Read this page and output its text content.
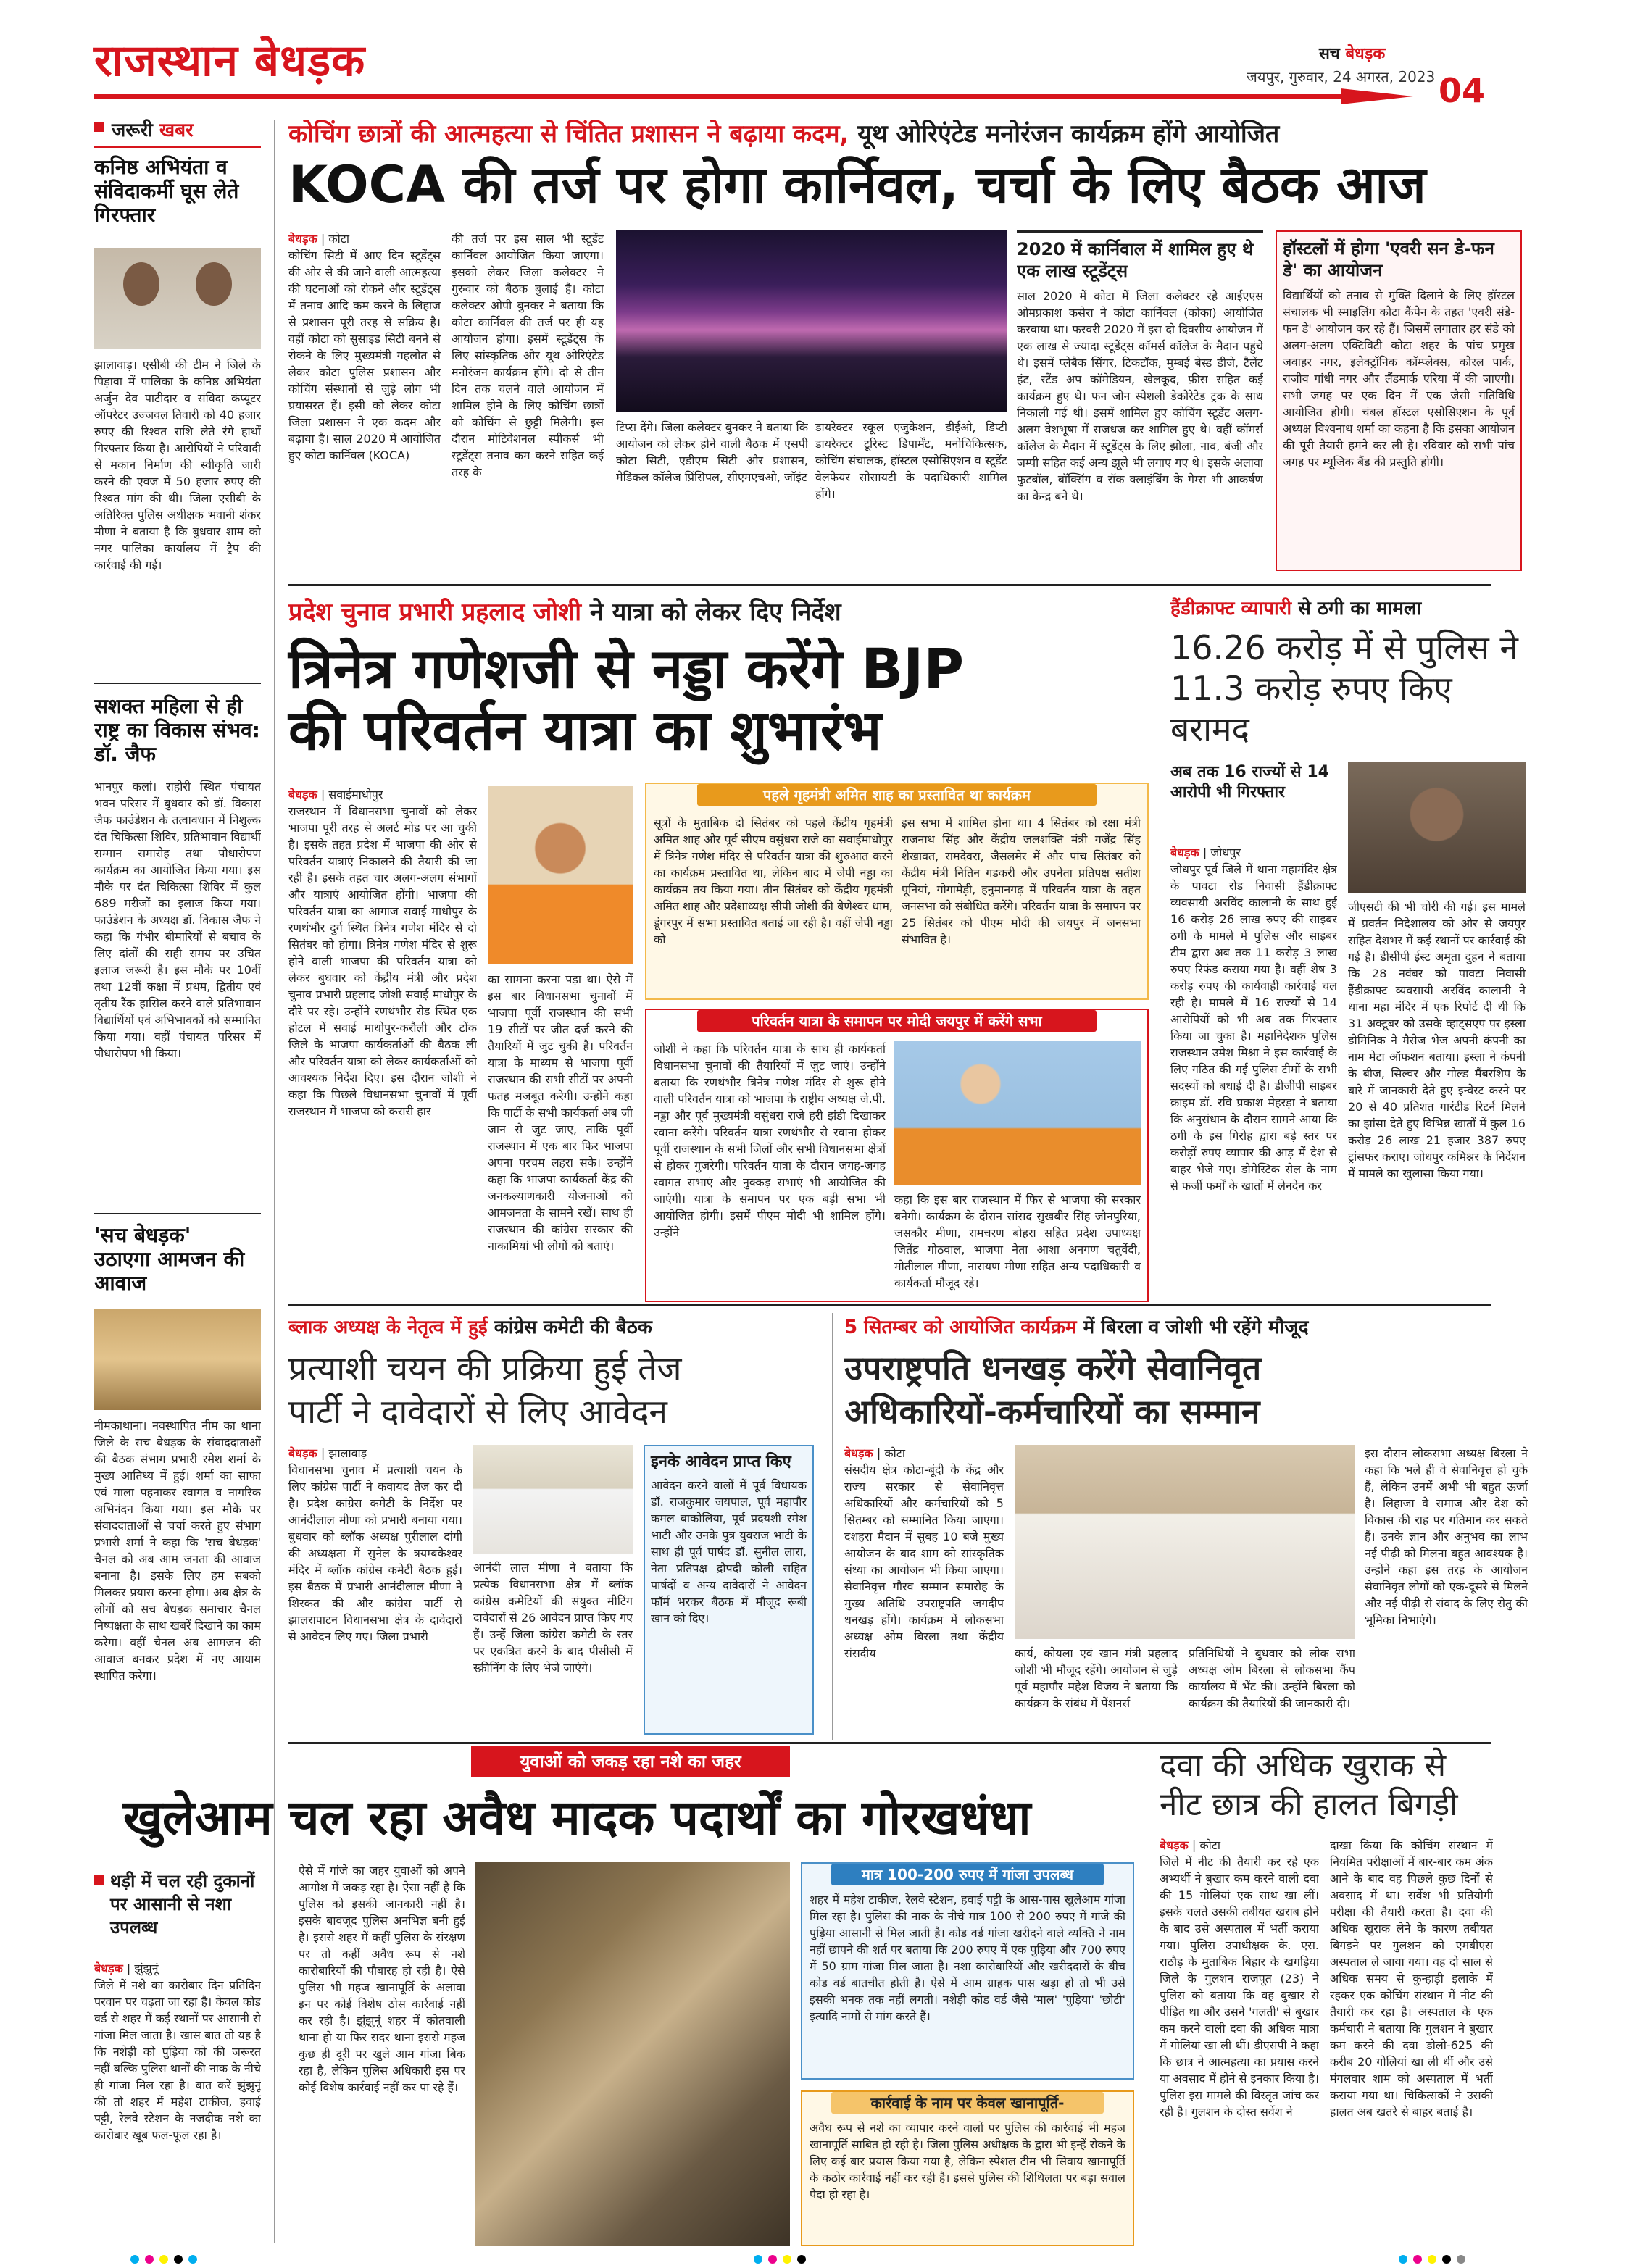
राजस्थान बेधड़क	सच बेधड़क
जयपुर, गुरुवार, 24 अगस्त, 2023 04
जरूरी खबर
कनिष्ठ अभियंता व संविदाकर्मी घूस लेते गिरफ्तार
झालावाड़। एसीबी की टीम ने जिले के पिड़ावा में पालिका के कनिष्ठ अभियंता अर्जुन देव पाटीदार व संविदा कंप्यूटर ऑपरेटर उज्जवल तिवारी को 40 हजार रुपए की रिश्वत राशि लेते रंगे हाथों गिरफ्तार किया है। आरोपियों ने परिवादी से मकान निर्माण की स्वीकृति जारी करने की एवज में 50 हजार रुपए की रिश्वत मांग की थी। जिला एसीबी के अतिरिक्त पुलिस अधीक्षक भवानी शंकर मीणा ने बताया है कि बुधवार शाम को नगर पालिका कार्यालय में ट्रैप की कार्रवाई की गई।
सशक्त महिला से ही राष्ट्र का विकास संभव: डॉ. जैफ
भानपुर कलां। राहोरी स्थित पंचायत भवन परिसर में बुधवार को डॉ. विकास जैफ फाउंडेशन के तत्वावधान में निशुल्क दंत चिकित्सा शिविर, प्रतिभावान विद्यार्थी सम्मान समारोह तथा पौधारोपण कार्यक्रम का आयोजित किया गया। इस मौके पर दंत चिकित्सा शिविर में कुल 689 मरीजों का इलाज किया गया। फाउंडेशन के अध्यक्ष डॉ. विकास जैफ ने कहा कि गंभीर बीमारियों से बचाव के लिए दांतों की सही समय पर उचित इलाज जरूरी है। इस मौके पर 10वीं तथा 12वीं कक्षा में प्रथम, द्वितीय एवं तृतीय रैंक हासिल करने वाले प्रतिभावान विद्यार्थियों एवं अभिभावकों को सम्मानित किया गया। वहीं पंचायत परिसर में पौधारोपण भी किया।
'सच बेधड़क'
उठाएगा आमजन की आवाज
नीमकाथाना। नवस्‍थापित नीम का थाना जिले के सच बेधड़क के संवाददाताओं की बैठक संभाग प्रभारी रमेश शर्मा के मुख्य आतिथ्य में हुई। शर्मा का साफा एवं माला पहनाकर स्वागत व नागरिक अभिनंदन किया गया। इस मौके पर संवाददाताओं से चर्चा करते हुए संभाग प्रभारी शर्मा ने कहा कि 'सच बेधड़क' चैनल को अब आम जनता की आवाज बनाना है। इसके लिए हम सबको मिलकर प्रयास करना होगा। अब क्षेत्र के लोगों को सच बेधड़क समाचार चैनल निष्पक्षता के साथ खबरें दिखाने का काम करेगा। वहीं चैनल अब आमजन की आवाज बनकर प्रदेश में नए आयाम स्थापित करेगा।
कोचिंग छात्रों की आत्महत्या से चिंतित प्रशासन ने बढ़ाया कदम, यूथ ओरिएंटेड मनोरंजन कार्यक्रम होंगे आयोजित
KOCA की तर्ज पर होगा कार्निवल, चर्चा के लिए बैठक आज
बेधड़क | कोटा
कोचिंग सिटी में आए दिन स्टूडेंट्स की ओर से की जाने वाली आत्महत्या की घटनाओं को रोकने और स्टूडेंट्स में तनाव आदि कम करने के लिहाज से प्रशासन पूरी तरह से सक्रिय है। वहीं कोटा को सुसाइड सिटी बनने से रोकने के लिए मुख्यमंत्री गहलोत से लेकर कोटा पुलिस प्रशासन और कोचिंग संस्थानों से जुड़े लोग भी प्रयासरत हैं। इसी को लेकर कोटा जिला प्रशासन ने एक कदम और बढ़ाया है। साल 2020 में आयोजित हुए कोटा कार्निवल (KOCA)
की तर्ज पर इस साल भी स्टूडेंट कार्निवल आयोजित किया जाएगा। इसको लेकर जिला कलेक्टर ने गुरुवार को बैठक बुलाई है। कोटा कलेक्टर ओपी बुनकर ने बताया कि कोटा कार्निवल की तर्ज पर ही यह आयोजन होगा। इसमें स्टूडेंट्स के लिए सांस्कृतिक और यूथ ओरिएंटेड मनोरंजन कार्यक्रम होंगे। दो से तीन दिन तक चलने वाले आयोजन में शामिल होने के लिए कोचिंग छात्रों को कोचिंग से छुट्टी मिलेगी। इस दौरान मोटिवेशनल स्पीकर्स भी स्टूडेंट्स तनाव कम करने सहित कई तरह के
टिप्स देंगे। जिला कलेक्टर बुनकर ने बताया कि आयोजन को लेकर होने वाली बैठक में एसपी कोटा सिटी, एडीएम सिटी और प्रशासन, मेडिकल कॉलेज प्रिंसिपल, सीएमएचओ, जॉइंट
डायरेक्टर स्कूल एजुकेशन, डीईओ, डिप्टी डायरेक्टर टूरिस्ट डिपार्मेंट, मनोचिकित्सक, कोचिंग संचालक, हॉस्टल एसोसिएशन व स्टूडेंट वेलफेयर सोसायटी के पदाधिकारी शामिल होंगे।
2020 में कार्निवाल में शामिल हुए थे एक लाख स्टूडेंट्स
साल 2020 में कोटा में जिला कलेक्टर रहे आईएएस ओमप्रकाश कसेरा ने कोटा कार्निवल (कोका) आयोजित करवाया था। फरवरी 2020 में इस दो दिवसीय आयोजन में एक लाख से ज्यादा स्टूडेंट्स कॉमर्स कॉलेज के मैदान पहुंचे थे। इसमें प्लेबैक सिंगर, टिकटॉक, मुम्बई बेस्ड डीजे, टैलेंट हंट, स्टैंड अप कॉमेडियन, खेलकूद, फ़ीस सहित कई कार्यक्रम हुए थे। फन जोन स्पेशली डेकोरेटेड ट्रक के साथ निकाली गई थी। इसमें शामिल हुए कोचिंग स्टूडेंट अलग-अलग वेशभूषा में सजधज कर शामिल हुए थे। वहीं कॉमर्स कॉलेज के मैदान में स्टूडेंट्स के लिए झोला, नाव, बंजी और जम्पी सहित कई अन्य झूले भी लगाए गए थे। इसके अलावा फुटबॉल, बॉक्सिंग व रॉक क्लाइंबिंग के गेम्स भी आकर्षण का केन्द्र बने थे।
हॉस्टलों में होगा 'एवरी सन डे-फन डे' का आयोजन
विद्यार्थियों को तनाव से मुक्ति दिलाने के लिए हॉस्टल संचालक भी स्माइलिंग कोटा कैंपेन के तहत 'एवरी संडे-फन डे' आयोजन कर रहे हैं। जिसमें लगातार हर संडे को अलग-अलग एक्टिविटी कोटा शहर के पांच प्रमुख जवाहर नगर, इलेक्ट्रॉनिक कॉम्प्लेक्स, कोरल पार्क, राजीव गांधी नगर और लैंडमार्क एरिया में की जाएगी। सभी जगह पर एक दिन में एक जैसी गतिविधि आयोजित होगी। चंबल हॉस्टल एसोसिएशन के पूर्व अध्यक्ष विश्वनाथ शर्मा का कहना है कि इसका आयोजन की पूरी तैयारी हमने कर ली है। रविवार को सभी पांच जगह पर म्यूजिक बैंड की प्रस्तुति होगी।
प्रदेश चुनाव प्रभारी प्रहलाद जोशी ने यात्रा को लेकर दिए निर्देश
त्रिनेत्र गणेशजी से नड्डा करेंगे BJP
की परिवर्तन यात्रा का शुभारंभ
बेधड़क | सवाईमाधोपुर
राजस्थान में विधानसभा चुनावों को लेकर भाजपा पूरी तरह से अलर्ट मोड पर आ चुकी है। इसके तहत प्रदेश में भाजपा की ओर से परिवर्तन यात्राएं निकालने की तैयारी की जा रही है। इसके तहत चार अलग-अलग संभागों और यात्राएं आयोजित होंगी। भाजपा की परिवर्तन यात्रा का आगाज सवाई माधोपुर के रणथंभौर दुर्ग स्थित त्रिनेत्र गणेश मंदिर से दो सितंबर को होगा। त्रिनेत्र गणेश मंदिर से शुरू होने वाली भाजपा की परिवर्तन यात्रा को लेकर बुधवार को केंद्रीय मंत्री और प्रदेश चुनाव प्रभारी प्रहलाद जोशी सवाई माधोपुर के दौरे पर रहे। उन्होंने रणथंभौर रोड स्थित एक होटल में सवाई माधोपुर-करौली और टोंक जिले के भाजपा कार्यकर्ताओं की बैठक ली और परिवर्तन यात्रा को लेकर कार्यकर्ताओं को आवश्यक निर्देश दिए। इस दौरान जोशी ने कहा कि पिछले विधानसभा चुनावों में पूर्वी राजस्थान में भाजपा को करारी हार
का सामना करना पड़ा था। ऐसे में इस बार विधानसभा चुनावों में भाजपा पूर्वी राजस्थान की सभी 19 सीटों पर जीत दर्ज करने की तैयारियों में जुट चुकी है। परिवर्तन यात्रा के माध्यम से भाजपा पूर्वी राजस्थान की सभी सीटों पर अपनी फतह मजबूत करेगी। उन्होंने कहा कि पार्टी के सभी कार्यकर्ता अब जी जान से जुट जाए, ताकि पूर्वी राजस्थान में एक बार फिर भाजपा अपना परचम लहरा सके। उन्होंने कहा कि भाजपा कार्यकर्ता केंद्र की जनकल्याणकारी योजनाओं को आमजनता के सामने रखें। साथ ही राजस्थान की कांग्रेस सरकार की नाकामियां भी लोगों को बताएं।
पहले गृहमंत्री अमित शाह का प्रस्तावित था कार्यक्रम
सूत्रों के मुताबिक दो सितंबर को पहले केंद्रीय गृहमंत्री अमित शाह और पूर्व सीएम वसुंधरा राजे का सवाईमाधोपुर में त्रिनेत्र गणेश मंदिर से परिवर्तन यात्रा की शुरुआत करने का कार्यक्रम प्रस्तावित था, लेकिन बाद में जेपी नड्डा का कार्यक्रम तय किया गया। तीन सितंबर को केंद्रीय गृहमंत्री अमित शाह और प्रदेशाध्यक्ष सीपी जोशी की बेणेश्वर धाम, डूंगरपुर में सभा प्रस्तावित बताई जा रही है। वहीं जेपी नड्डा को
इस सभा में शामिल होना था। 4 सितंबर को रक्षा मंत्री राजनाथ सिंह और केंद्रीय जलशक्ति मंत्री गजेंद्र सिंह शेखावत, रामदेवरा, जैसलमेर में और पांच सितंबर को केंद्रीय मंत्री नितिन गडकरी और उपनेता प्रतिपक्ष सतीश पूनियां, गोगामेड़ी, हनुमानगढ़ में परिवर्तन यात्रा के तहत जनसभा को संबोधित करेंगे। परिवर्तन यात्रा के समापन पर 25 सितंबर को पीएम मोदी की जयपुर में जनसभा संभावित है।
परिवर्तन यात्रा के समापन पर मोदी जयपुर में करेंगे सभा
जोशी ने कहा कि परिवर्तन यात्रा के साथ ही कार्यकर्ता विधानसभा चुनावों की तैयारियों में जुट जाएं। उन्होंने बताया कि रणथंभौर त्रिनेत्र गणेश मंदिर से शुरू होने वाली परिवर्तन यात्रा को भाजपा के राष्ट्रीय अध्यक्ष जे.पी. नड्डा और पूर्व मुख्यमंत्री वसुंधरा राजे हरी झंडी दिखाकर रवाना करेंगे। परिवर्तन यात्रा रणथंभौर से रवाना होकर पूर्वी राजस्थान के सभी जिलों और सभी विधानसभा क्षेत्रों से होकर गुजरेगी। परिवर्तन यात्रा के दौरान जगह-जगह स्वागत सभाएं और नुक्कड़ सभाएं भी आयोजित की जाएंगी। यात्रा के समापन पर एक बड़ी सभा भी आयोजित होगी। इसमें पीएम मोदी भी शामिल होंगे। उन्होंने
कहा कि इस बार राजस्थान में फिर से भाजपा की सरकार बनेगी। कार्यक्रम के दौरान सांसद सुखबीर सिंह जौनपुरिया, जसकौर मीणा, रामचरण बोहरा सहित प्रदेश उपाध्यक्ष जितेंद्र गोठवाल, भाजपा नेता आशा अनगण चतुर्वेदी, मोतीलाल मीणा, नारायण मीणा सहित अन्य पदाधिकारी व कार्यकर्ता मौजूद रहे।
हैंडीक्राफ्ट व्यापारी से ठगी का मामला
16.26 करोड़ में से पुलिस ने 11.3 करोड़ रुपए किए बरामद
अब तक 16 राज्यों से 14 आरोपी भी गिरफ्तार
बेधड़क | जोधपुर
जोधपुर पूर्व जिले में थाना महामंदिर क्षेत्र के पावटा रोड निवासी हैंडीक्राफ्ट व्यवसायी अरविंद कालानी के साथ हुई 16 करोड़ 26 लाख रुपए की साइबर ठगी के मामले में पुलिस और साइबर टीम द्वारा अब तक 11 करोड़ 3 लाख रुपए रिफंड कराया गया है। वहीं शेष 3 करोड़ रुपए की कार्यवाही कार्रवाई चल रही है। मामले में 16 राज्यों से 14 आरोपियों को भी अब तक गिरफ्तार किया जा चुका है। महानिदेशक पुलिस राजस्थान उमेश मिश्रा ने इस कार्रवाई के लिए गठित की गई पुलिस टीमों के सभी सदस्यों को बधाई दी है। डीजीपी साइबर क्राइम डॉ. रवि प्रकाश मेहरड़ा ने बताया कि अनुसंधान के दौरान सामने आया कि ठगी के इस गिरोह द्वारा बड़े स्तर पर करोड़ों रुपए व्यापार की आड़ में देश से बाहर भेजे गए। डोमेस्टिक सेल के नाम से फर्जी फर्मों के खातों में लेनदेन कर
जीएसटी की भी चोरी की गई। इस मामले में प्रवर्तन निदेशालय को ओर से जयपुर सहित देशभर में कई स्थानों पर कार्रवाई की गई है। डीसीपी ईस्ट अमृता दुहन ने बताया कि 28 नवंबर को पावटा निवासी हैंडीक्राफ्ट व्यवसायी अरविंद कालानी ने थाना महा मंदिर में एक रिपोर्ट दी थी कि 31 अक्टूबर को उसके व्हाट्सएप पर इस्ला डोमिनिक ने मैसेज भेज अपनी कंपनी का नाम मेटा ऑफशन बताया। इस्ला ने कंपनी के बीज, सिल्वर और गोल्ड मैंबरशिप के बारे में जानकारी देते हुए इन्वेस्ट करने पर 20 से 40 प्रतिशत गारंटीड रिटर्न मिलने का झांसा देते हुए विभिन्न खातों में कुल 16 करोड़ 26 लाख 21 हजार 387 रुपए ट्रांसफर कराए। जोधपुर कमिश्नर के निर्देशन में मामले का खुलासा किया गया।
ब्लाक अध्यक्ष के नेतृत्व में हुई कांग्रेस कमेटी की बैठक
प्रत्याशी चयन की प्रक्रिया हुई तेज
पार्टी ने दावेदारों से लिए आवेदन
बेधड़क | झालावाड़
विधानसभा चुनाव में प्रत्याशी चयन के लिए कांग्रेस पार्टी ने कवायद तेज कर दी है। प्रदेश कांग्रेस कमेटी के निर्देश पर आनंदीलाल मीणा को प्रभारी बनाया गया। बुधवार को ब्लॉक अध्यक्ष पुरीलाल दांगी की अध्यक्षता में सुनेल के त्रयम्बकेश्वर मंदिर में ब्लॉक कांग्रेस कमेटी बैठक हुई। इस बैठक में प्रभारी आनंदीलाल मीणा ने शिरकत की और कांग्रेस पार्टी से झालरापाटन विधानसभा क्षेत्र के दावेदारों से आवेदन लिए गए। जिला प्रभारी
आनंदी लाल मीणा ने बताया कि प्रत्येक विधानसभा क्षेत्र में ब्लॉक कांग्रेस कमेटियों की संयुक्त मीटिंग दावेदारों से 26 आवेदन प्राप्त किए गए हैं। उन्हें जिला कांग्रेस कमेटी के स्तर पर एकत्रित करने के बाद पीसीसी में स्क्रीनिंग के लिए भेजे जाएंगे।
इनके आवेदन प्राप्त किए
आवेदन करने वालों में पूर्व विधायक डॉ. राजकुमार जयपाल, पूर्व महापौर कमल बाकोलिया, पूर्व प्रदयशी रमेश भाटी और उनके पुत्र युवराज भाटी के साथ ही पूर्व पार्षद डॉ. सुनील लारा, नेता प्रतिपक्ष द्रौपदी कोली सहित पार्षदों व अन्य दावेदारों ने आवेदन फॉर्म भरकर बैठक में मौजूद रूबी खान को दिए।
5 सितम्बर को आयोजित कार्यक्रम में बिरला व जोशी भी रहेंगे मौजूद
उपराष्ट्रपति धनखड़ करेंगे सेवानिवृत
अधिकारियों-कर्मचारियों का सम्मान
बेधड़क | कोटा
संसदीय क्षेत्र कोटा-बूंदी के केंद्र और राज्य सरकार से सेवानिवृत्त अधिकारियों और कर्मचारियों को 5 सितम्बर को सम्मानित किया जाएगा। दशहरा मैदान में सुबह 10 बजे मुख्य आयोजन के बाद शाम को सांस्कृतिक संध्या का आयोजन भी किया जाएगा। सेवानिवृत्त गौरव सम्मान समारोह के मुख्य अतिथि उपराष्ट्रपति जगदीप धनखड़ होंगे। कार्यक्रम में लोकसभा अध्यक्ष ओम बिरला तथा केंद्रीय संसदीय	कार्य, कोयला एवं खान मंत्री प्रहलाद जोशी भी मौजूद रहेंगे। आयोजन से जुड़े पूर्व महापौर महेश विजय ने बताया कि कार्यक्रम के संबंध में पेंशनर्स
प्रतिनिधियों ने बुधवार को लोक सभा अध्यक्ष ओम बिरला से लोकसभा कैंप कार्यालय में भेंट की। उन्होंने बिरला को कार्यक्रम की तैयारियों की जानकारी दी।
इस दौरान लोकसभा अध्यक्ष बिरला ने कहा कि भले ही वे सेवानिवृत्त हो चुके हैं, लेकिन उनमें अभी भी बहुत ऊर्जा है। लिहाजा वे समाज और देश को विकास की राह पर गतिमान कर सकते हैं। उनके ज्ञान और अनुभव का लाभ नई पीढ़ी को मिलना बहुत आवश्यक है। उन्होंने कहा इस तरह के आयोजन सेवानिवृत लोगों को एक-दूसरे से मिलने और नई पीढ़ी से संवाद के लिए सेतु की भूमिका निभाएंगे।
युवाओं को जकड़ रहा नशे का जहर
खुलेआम चल रहा अवैध मादक पदार्थों का गोरखधंधा
थड़ी में चल रही दुकानों पर आसानी से नशा उपलब्ध
बेधड़क | झुंझुनूं
जिले में नशे का कारोबार दिन प्रतिदिन परवान पर चढ़ता जा रहा है। केवल कोड वर्ड से शहर में कई स्थानों पर आसानी से गांजा मिल जाता है। खास बात तो यह है कि नशेड़ी को पुड़िया को की जरूरत नहीं बल्कि पुलिस थानों की नाक के नीचे ही गांजा मिल रहा है। बात करें झुंझुनूं की तो शहर में महेश टाकीज, हवाई पट्टी, रेलवे स्टेशन के नजदीक नशे का कारोबार खूब फल-फूल रहा है।
ऐसे में गांजे का जहर युवाओं को अपने आगोश में जकड़ रहा है। ऐसा नहीं है कि पुलिस को इसकी जानकारी नहीं है। इसके बावजूद पुलिस अनभिज्ञ बनी हुई है। इससे शहर में कहीं पुलिस के संरक्षण पर तो कहीं अवैध रूप से नशे कारोबारियों की पौबारह हो रही है। ऐसे पुलिस भी महज खानापूर्ति के अलावा इन पर कोई विशेष ठोस कार्रवाई नहीं कर रही है। झुंझुनूं शहर में कोतवाली थाना हो या फिर सदर थाना इससे महज कुछ ही दूरी पर खुले आम गांजा बिक रहा है, लेकिन पुलिस अधिकारी इस पर कोई विशेष कार्रवाई नहीं कर पा रहे हैं।
मात्र 100-200 रुपए में गांजा उपलब्ध
शहर में महेश टाकीज, रेलवे स्टेशन, हवाई पट्टी के आस-पास खुलेआम गांजा मिल रहा है। पुलिस की नाक के नीचे मात्र 100 से 200 रुपए में गांजे की पुड़िया आसानी से मिल जाती है। कोड वर्ड गांजा खरीदने वाले व्यक्ति ने नाम नहीं छापने की शर्त पर बताया कि 200 रुपए में एक पुड़िया और 700 रुपए में 50 ग्राम गांजा मिल जाता है। नशा कारोबारियों और खरीददारों के बीच कोड वर्ड बातचीत होती है। ऐसे में आम ग्राहक पास खड़ा हो तो भी उसे इसकी भनक तक नहीं लगती। नशेड़ी कोड वर्ड जैसे 'माल' 'पुड़िया' 'छोटी' इत्यादि नामों से मांग करते हैं।
कार्रवाई के नाम पर केवल खानापूर्ति-
अवैध रूप से नशे का व्यापार करने वालों पर पुलिस की कार्रवाई भी महज खानापूर्ति साबित हो रही है। जिला पुलिस अधीक्षक के द्वारा भी इन्हें रोकने के लिए कई बार प्रयास किया गया है, लेकिन स्पेशल टीम भी सिवाय खानापूर्ति के कठोर कार्रवाई नहीं कर रही है। इससे पुलिस की शिथिलता पर बड़ा सवाल पैदा हो रहा है।
दवा की अधिक खुराक से नीट छात्र की हालत बिगड़ी
बेधड़क | कोटा
जिले में नीट की तैयारी कर रहे एक अभ्यर्थी ने बुखार कम करने वाली दवा की 15 गोलियां एक साथ खा लीं। इसके चलते उसकी तबीयत खराब होने के बाद उसे अस्पताल में भर्ती कराया गया। पुलिस उपाधीक्षक के. एस. राठौड़ के मुताबिक बिहार के खगड़िया जिले के गुलशन राजपूत (23) ने पुलिस को बताया कि वह बुखार से पीड़ित था और उसने 'गलती' से बुखार कम करने वाली दवा की अधिक मात्रा में गोलियां खा ली थीं। डीएसपी ने कहा कि छात्र ने आत्महत्या का प्रयास करने या अवसाद में होने से इनकार किया है। पुलिस इस मामले की विस्तृत जांच कर रही है। गुलशन के दोस्त सर्वेश ने
दाखा किया कि कोचिंग संस्थान में नियमित परीक्षाओं में बार-बार कम अंक आने के बाद वह पिछले कुछ दिनों से अवसाद में था। सर्वेश भी प्रतियोगी परीक्षा की तैयारी करता है। दवा की अधिक खुराक लेने के कारण तबीयत बिगड़ने पर गुलशन को एमबीएस अस्पताल ले जाया गया। वह दो साल से अधिक समय से कुन्हाड़ी इलाके में रहकर एक कोचिंग संस्थान में नीट की तैयारी कर रहा है। अस्पताल के एक कर्मचारी ने बताया कि गुलशन ने बुखार कम करने की दवा डोलो-625 की करीब 20 गोलियां खा ली थीं और उसे मंगलवार शाम को अस्पताल में भर्ती कराया गया था। चिकित्सकों ने उसकी हालत अब खतरे से बाहर बताई है।
